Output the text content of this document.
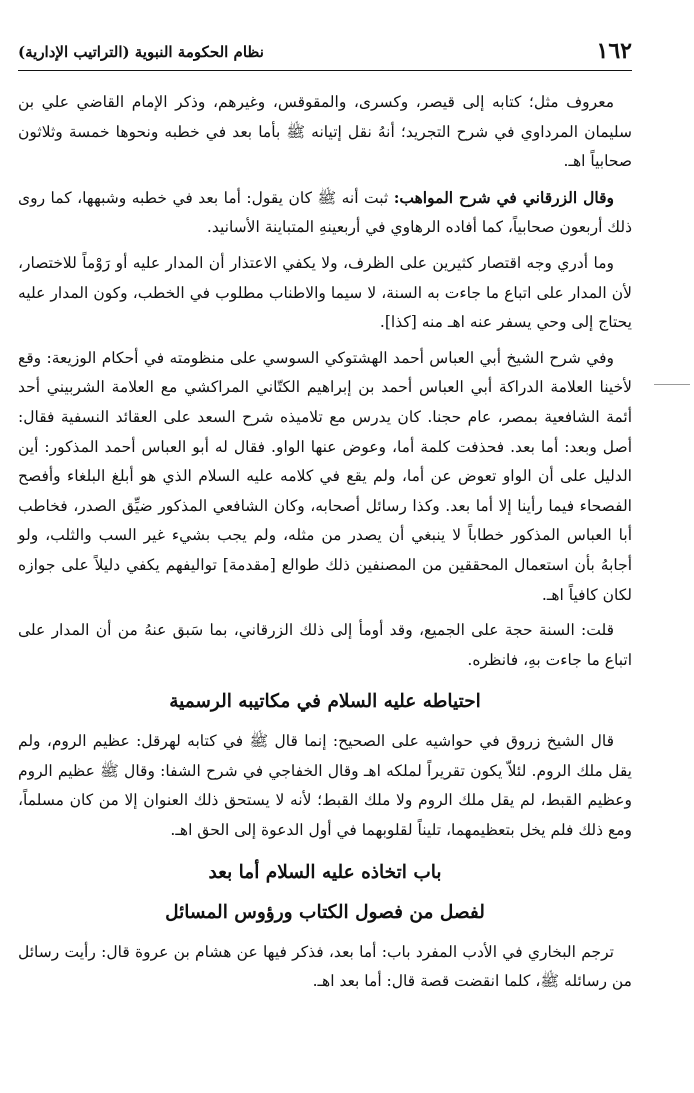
١٦٢
نظام الحكومة النبوية (التراتيب الإدارية)

معروف مثل؛ كتابه إلى قيصر، وكسرى، والمقوقس، وغيرهم، وذكر الإمام القاضي علي بن سليمان المرداوي في شرح التجريد؛ أنهُ نقل إتيانه ﷺ بأما بعد في خطبه ونحوها خمسة وثلاثون صحابياً اهـ.

وقال الزرقاني في شرح المواهب: ثبت أنه ﷺ كان يقول: أما بعد في خطبه وشبهها، كما روى ذلك أربعون صحابياً، كما أفاده الرهاوي في أربعينهِ المتباينة الأسانيد.

وما أدري وجه اقتصار كثيرين على الظرف، ولا يكفي الاعتذار أن المدار عليه أو رَوْماً للاختصار، لأن المدار على اتباع ما جاءت به السنة، لا سيما والاطناب مطلوب في الخطب، وكون المدار عليه يحتاج إلى وحي يسفر عنه اهـ منه [كذا].

وفي شرح الشيخ أبي العباس أحمد الهشتوكي السوسي على منظومته في أحكام الوزيعة: وقع لأخينا العلامة الدراكة أبي العباس أحمد بن إبراهيم الكتّاني المراكشي مع العلامة الشربيني أحد أئمة الشافعية بمصر، عام حجنا. كان يدرس مع تلاميذه شرح السعد على العقائد النسفية فقال: أصل وبعد: أما بعد. فحذفت كلمة أما، وعوض عنها الواو. فقال له أبو العباس أحمد المذكور: أين الدليل على أن الواو تعوض عن أما، ولم يقع في كلامه عليه السلام الذي هو أبلغ البلغاء وأفصح الفصحاء فيما رأينا إلا أما بعد. وكذا رسائل أصحابه، وكان الشافعي المذكور ضيِّق الصدر، فخاطب أبا العباس المذكور خطاباً لا ينبغي أن يصدر من مثله، ولم يجب بشيء غير السب والثلب، ولو أجابهُ بأن استعمال المحققين من المصنفين ذلك طوالع [مقدمة] تواليفهم يكفي دليلاً على جوازه لكان كافياً اهـ.

قلت: السنة حجة على الجميع، وقد أومأ إلى ذلك الزرقاني، بما سَبق عنهُ من أن المدار على اتباع ما جاءت بهِ، فانظره.

احتياطه عليه السلام في مكاتيبه الرسمية

قال الشيخ زروق في حواشيه على الصحيح: إنما قال ﷺ في كتابه لهرقل: عظيم الروم، ولم يقل ملك الروم. لئلاّ يكون تقريراً لملكه اهـ وقال الخفاجي في شرح الشفا: وقال ﷺ عظيم الروم وعظيم القبط، لم يقل ملك الروم ولا ملك القبط؛ لأنه لا يستحق ذلك العنوان إلا من كان مسلماً، ومع ذلك فلم يخل بتعظيمهما، تليناً لقلوبهما في أول الدعوة إلى الحق اهـ.

باب اتخاذه عليه السلام أما بعد
لفصل من فصول الكتاب ورؤوس المسائل

ترجم البخاري في الأدب المفرد باب: أما بعد، فذكر فيها عن هشام بن عروة قال: رأيت رسائل من رسائله ﷺ، كلما انقضت قصة قال: أما بعد اهـ.
